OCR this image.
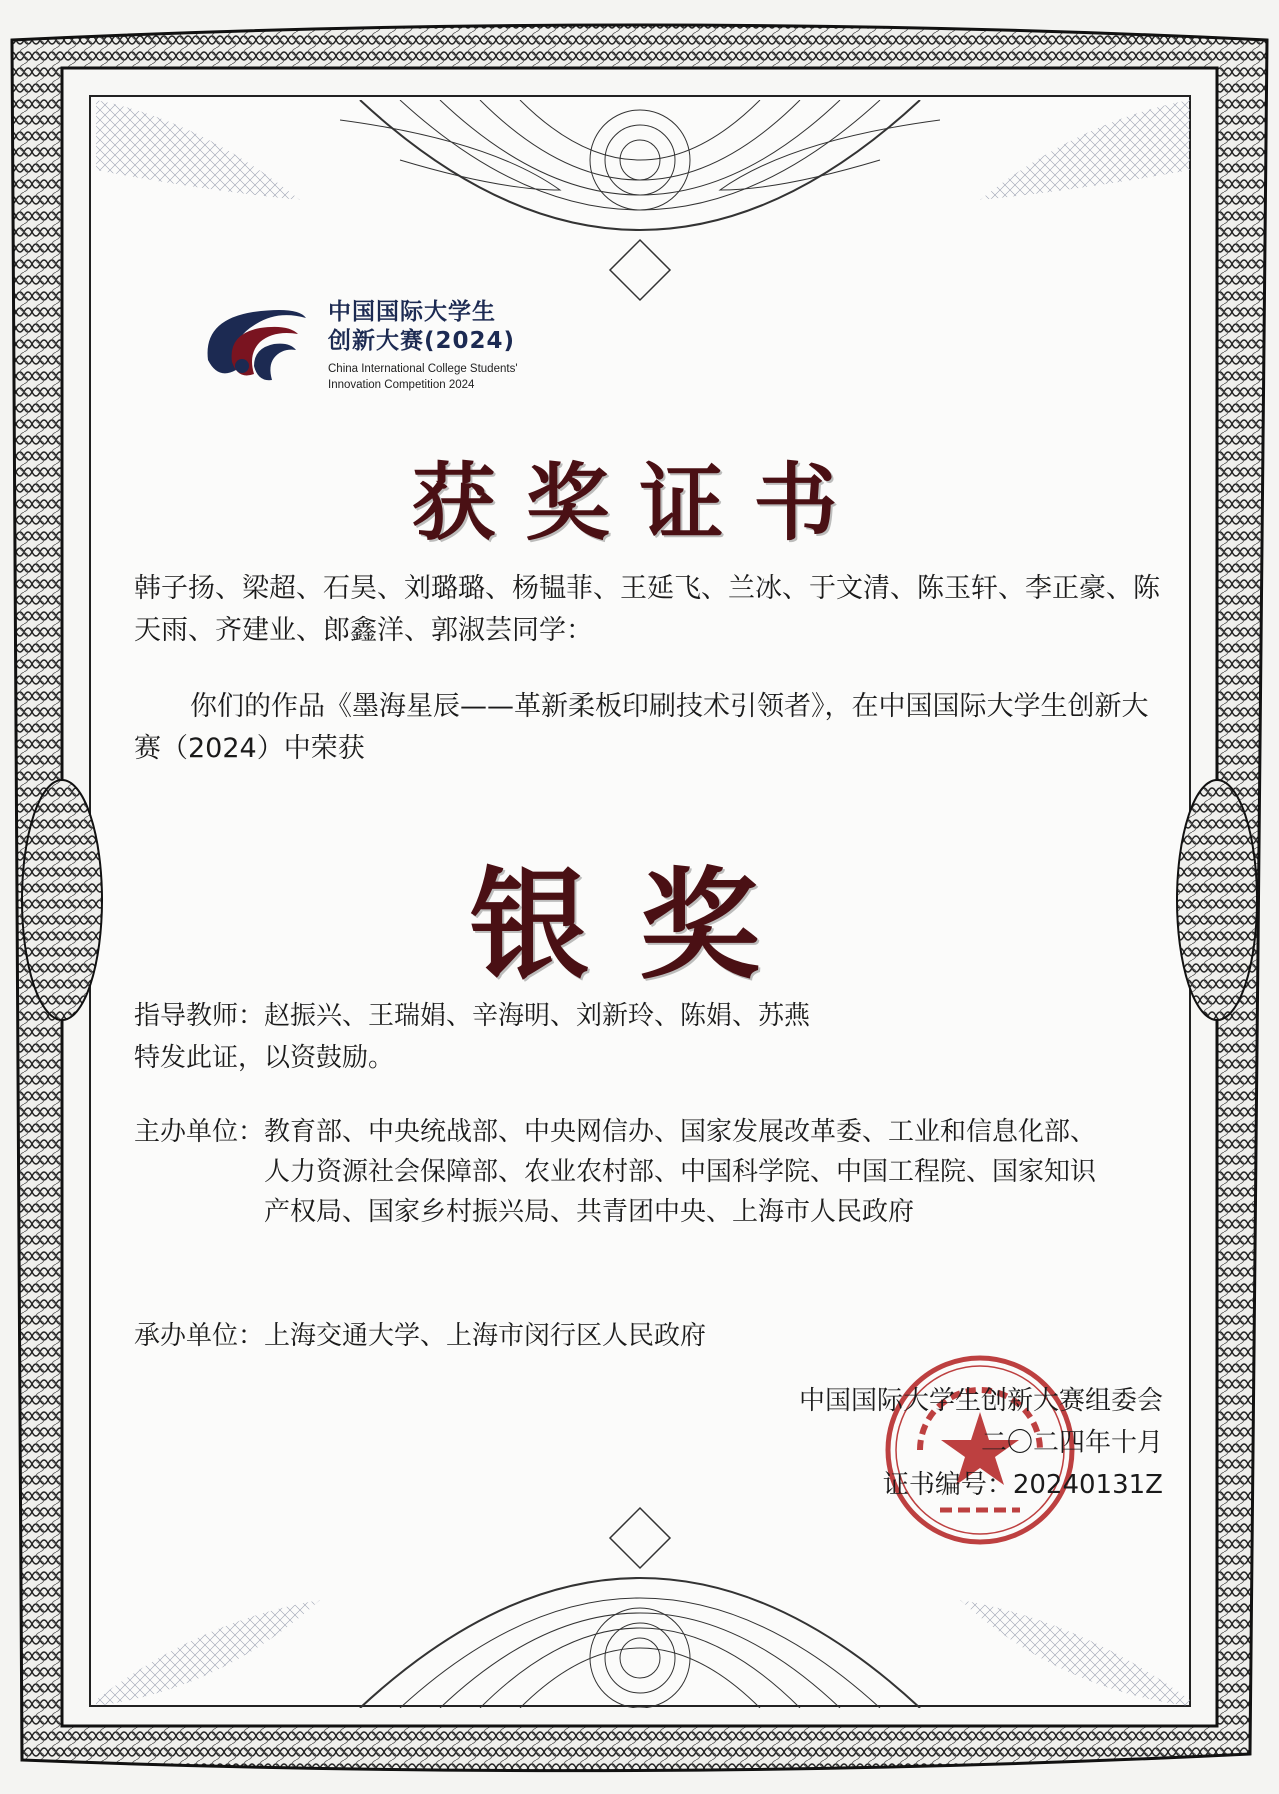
中国国际大学生
创新大赛(2024)
China International College Students'
Innovation Competition 2024
获奖证书
韩子扬、梁超、石昊、刘璐璐、杨韫菲、王延飞、兰冰、于文清、陈玉轩、李正豪、陈天雨、齐建业、郎鑫洋、郭淑芸同学：
你们的作品《墨海星辰——革新柔板印刷技术引领者》，在中国国际大学生创新大赛（2024）中荣获
银奖
指导教师：赵振兴、王瑞娟、辛海明、刘新玲、陈娟、苏燕
特发此证，以资鼓励。
主办单位： 教育部、中央统战部、中央网信办、国家发展改革委、工业和信息化部、人力资源社会保障部、农业农村部、中国科学院、中国工程院、国家知识产权局、国家乡村振兴局、共青团中央、上海市人民政府
承办单位：上海交通大学、上海市闵行区人民政府
中国国际大学生创新大赛组委会
二〇二四年十月
证书编号：20240131Z
